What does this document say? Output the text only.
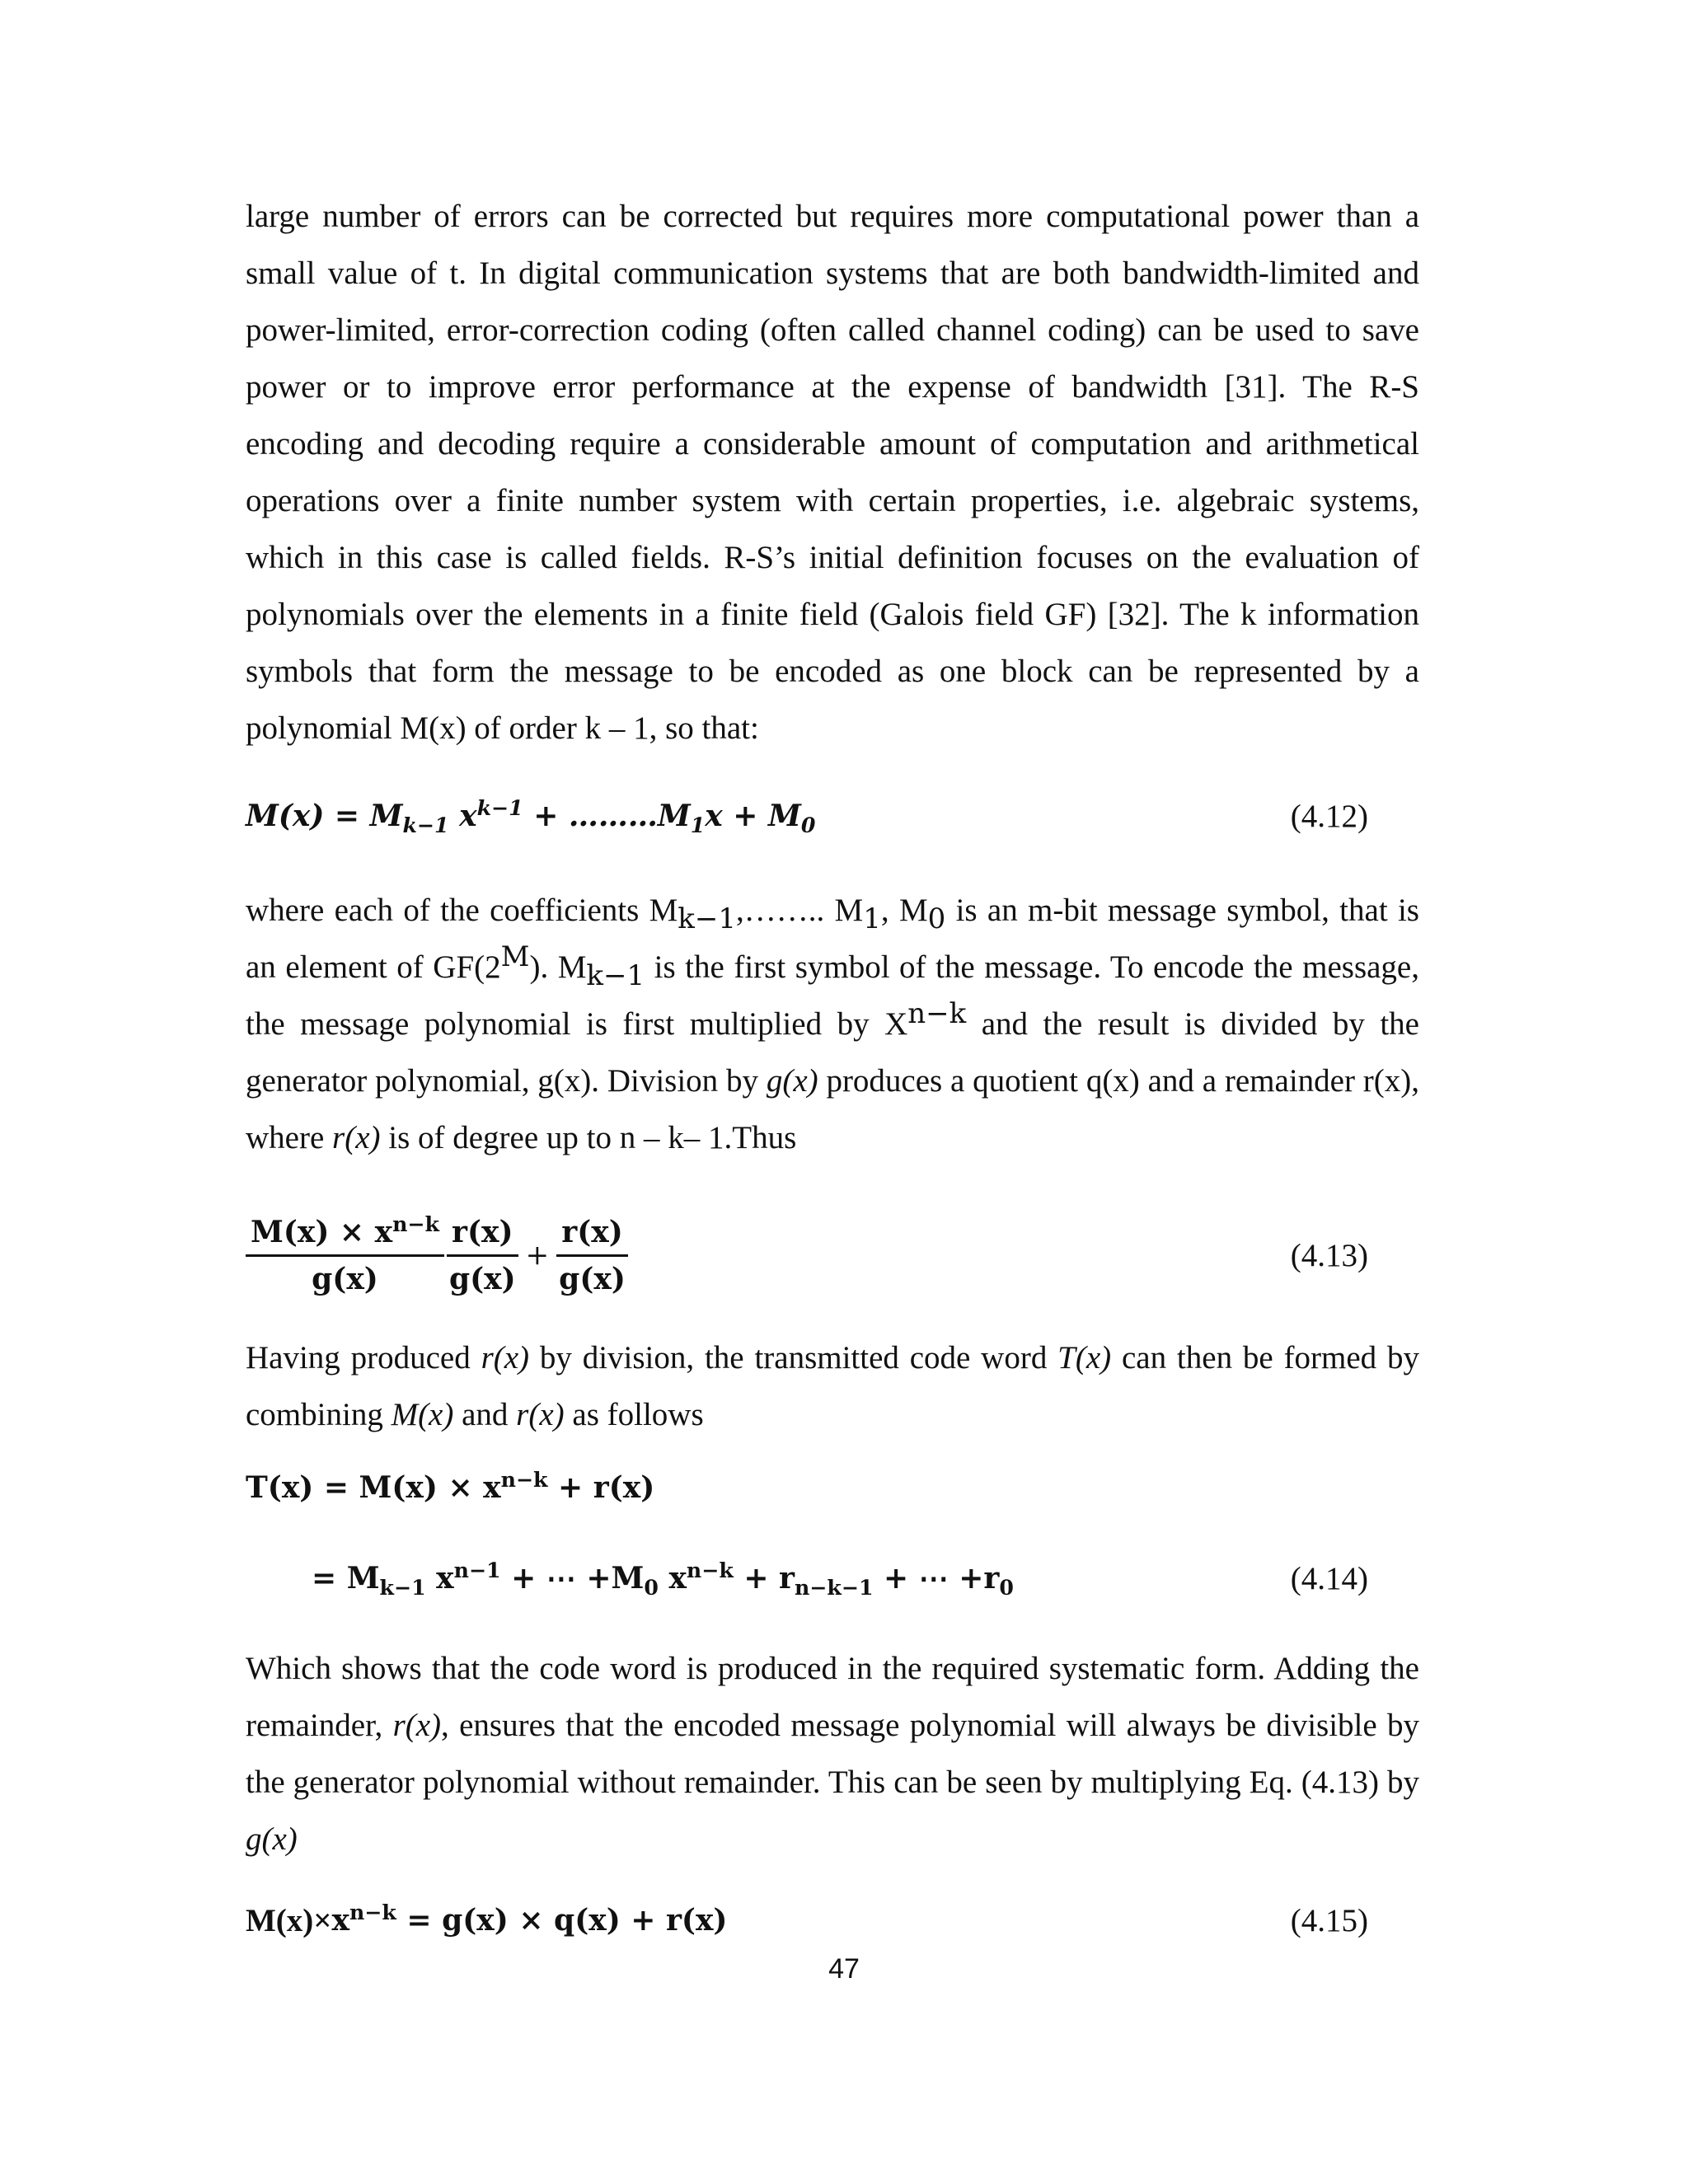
large number of errors can be corrected but requires more computational power than a small value of t. In digital communication systems that are both bandwidth-limited and power-limited, error-correction coding (often called channel coding) can be used to save power or to improve error performance at the expense of bandwidth [31]. The R-S encoding and decoding require a considerable amount of computation and arithmetical operations over a finite number system with certain properties, i.e. algebraic systems, which in this case is called fields. R-S’s initial definition focuses on the evaluation of polynomials over the elements in a finite field (Galois field GF) [32]. The k information symbols that form the message to be encoded as one block can be represented by a polynomial M(x) of order k – 1, so that:

$M(x) = M_{k-1}$ $x^{k-1}$ + $\dots\dots\dots M_1x + M_0$	(4.12)

where each of the coefficients $M_{k-1},\dots\dots$.. $M_1$, $M_0$ is an m-bit message symbol, that is an element of $GF(2^M)$. $M_{k-1}$ is the first symbol of the message. To encode the message, the message polynomial is first multiplied by $X^{n-k}$ and the result is divided by the generator polynomial, g(x). Division by g(x) produces a quotient q(x) and a remainder r(x), where r(x) is of degree up to n – k– 1.Thus

$\frac{M(x) \times x^{n-k}}{g(x)} \frac{r(x)}{g(x)} + \frac{r(x)}{g(x)}$	(4.13)

Having produced r(x) by division, the transmitted code word T(x) can then be formed by combining M(x) and r(x) as follows

$T(x) = M(x) \times x^{n-k} + r(x)$
= $M_{k-1}$ $x^{n-1}$ + ⋯ $+M_0$ $x^{n-k} + r_{n-k-1}$ + ⋯ $+r_0$	(4.14)

Which shows that the code word is produced in the required systematic form. Adding the remainder, r(x), ensures that the encoded message polynomial will always be divisible by the generator polynomial without remainder. This can be seen by multiplying Eq. (4.13) by g(x)

$M(x)\times x^{n-k} = g(x) \times q(x) + r(x)$	(4.15)
47
